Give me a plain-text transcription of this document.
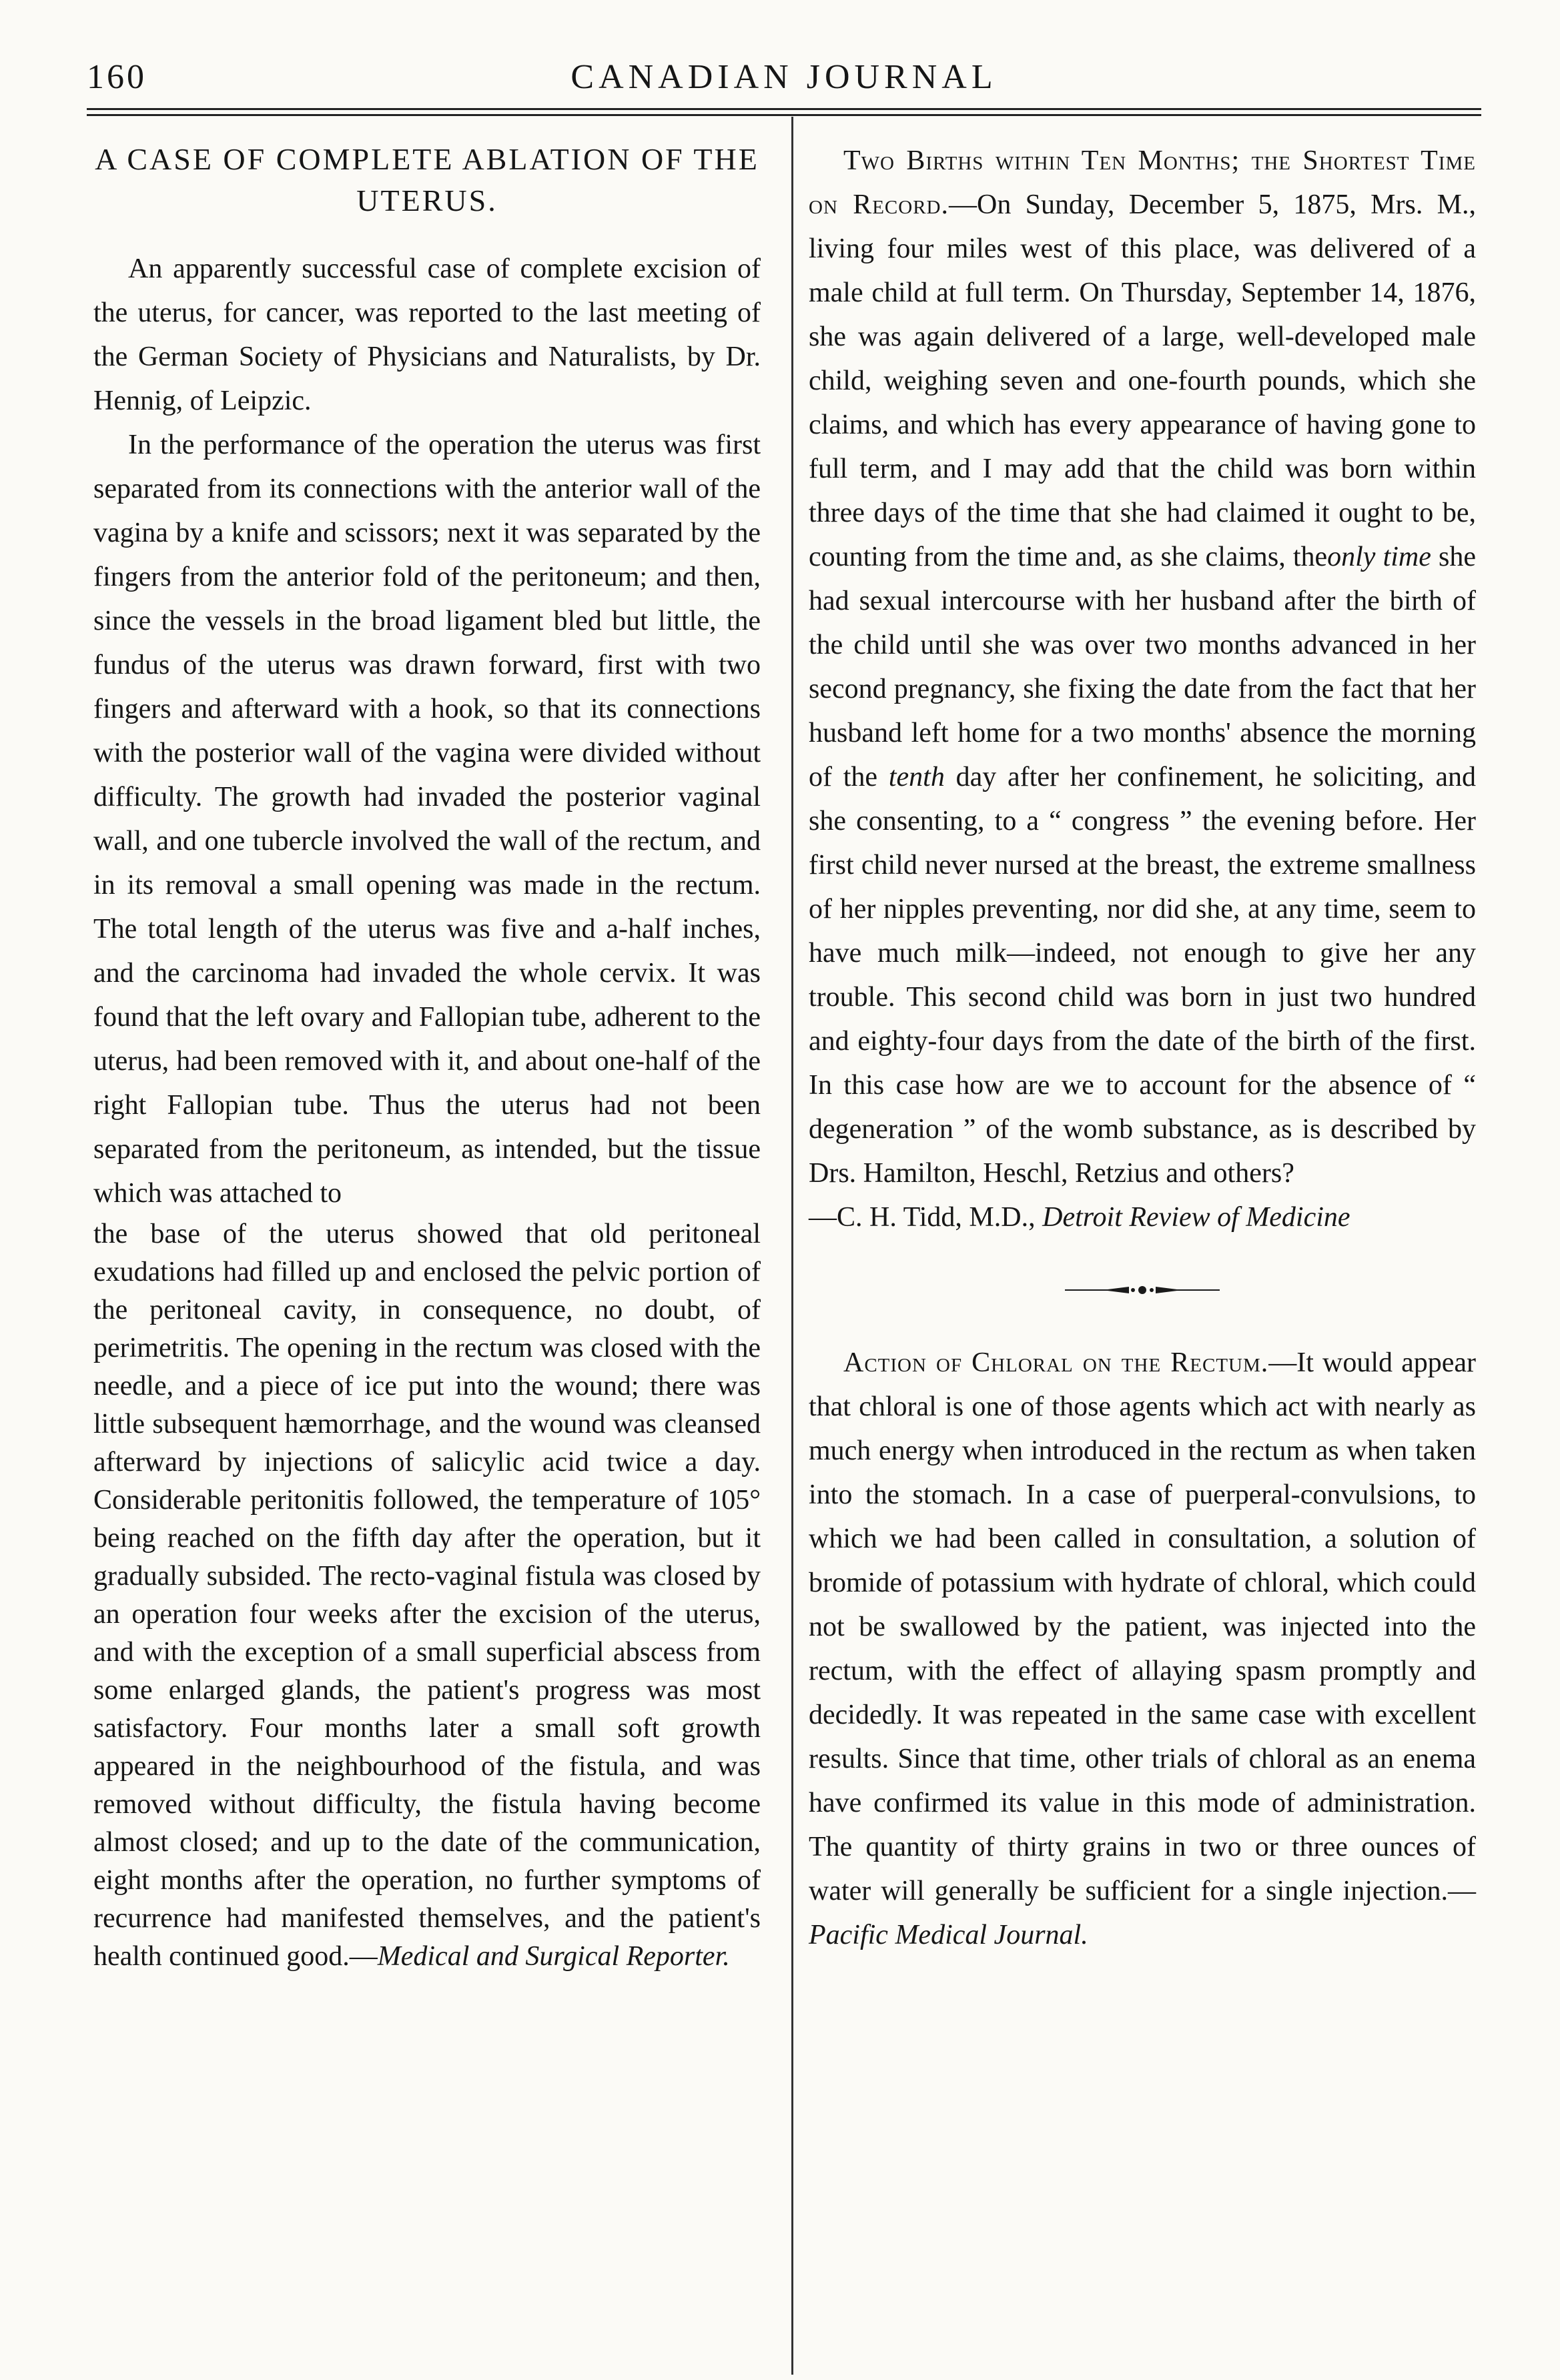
160	CANADIAN JOURNAL
A CASE OF COMPLETE ABLATION OF THE UTERUS.

An apparently successful case of complete excision of the uterus, for cancer, was reported to the last meeting of the German Society of Physicians and Naturalists, by Dr. Hennig, of Leipzic.

In the performance of the operation the uterus was first separated from its connections with the anterior wall of the vagina by a knife and scissors; next it was separated by the fingers from the anterior fold of the peritoneum; and then, since the vessels in the broad ligament bled but little, the fundus of the uterus was drawn forward, first with two fingers and afterward with a hook, so that its connections with the posterior wall of the vagina were divided without difficulty. The growth had invaded the posterior vaginal wall, and one tubercle involved the wall of the rectum, and in its removal a small opening was made in the rectum. The total length of the uterus was five and a-half inches, and the carcinoma had invaded the whole cervix. It was found that the left ovary and Fallopian tube, adherent to the uterus, had been removed with it, and about one-half of the right Fallopian tube. Thus the uterus had not been separated from the peritoneum, as intended, but the tissue which was attached to

the base of the uterus showed that old peritoneal exudations had filled up and enclosed the pelvic portion of the peritoneal cavity, in consequence, no doubt, of perimetritis. The opening in the rectum was closed with the needle, and a piece of ice put into the wound; there was little subsequent hæmorrhage, and the wound was cleansed afterward by injections of salicylic acid twice a day. Considerable peritonitis followed, the temperature of 105° being reached on the fifth day after the operation, but it gradually subsided. The recto-vaginal fistula was closed by an operation four weeks after the excision of the uterus, and with the exception of a small superficial abscess from some enlarged glands, the patient's progress was most satisfactory. Four months later a small soft growth appeared in the neighbourhood of the fistula, and was removed without difficulty, the fistula having become almost closed; and up to the date of the communication, eight months after the operation, no further symptoms of recurrence had manifested themselves, and the patient's health continued good.—Medical and Surgical Reporter.

Two Births within Ten Months; the Shortest Time on Record.—On Sunday, December 5, 1875, Mrs. M., living four miles west of this place, was delivered of a male child at full term. On Thursday, September 14, 1876, she was again delivered of a large, well-developed male child, weighing seven and one-fourth pounds, which she claims, and which has every appearance of having gone to full term, and I may add that the child was born within three days of the time that she had claimed it ought to be, counting from the time and, as she claims, theonly time she had sexual intercourse with her husband after the birth of the child until she was over two months advanced in her second pregnancy, she fixing the date from the fact that her husband left home for a two months' absence the morning of the tenth day after her confinement, he soliciting, and she consenting, to a “ congress ” the evening before. Her first child never nursed at the breast, the extreme smallness of her nipples preventing, nor did she, at any time, seem to have much milk—indeed, not enough to give her any trouble. This second child was born in just two hundred and eighty-four days from the date of the birth of the first. In this case how are we to account for the absence of “ degeneration ” of the womb substance, as is described by Drs. Hamilton, Heschl, Retzius and others?

—C. H. Tidd, M.D., Detroit Review of Medicine

Action of Chloral on the Rectum.—It would appear that chloral is one of those agents which act with nearly as much energy when introduced in the rectum as when taken into the stomach. In a case of puerperal-convulsions, to which we had been called in consultation, a solution of bromide of potassium with hydrate of chloral, which could not be swallowed by the patient, was injected into the rectum, with the effect of allaying spasm promptly and decidedly. It was repeated in the same case with excellent results. Since that time, other trials of chloral as an enema have confirmed its value in this mode of administration. The quantity of thirty grains in two or three ounces of water will generally be sufficient for a single injection.—Pacific Medical Journal.
